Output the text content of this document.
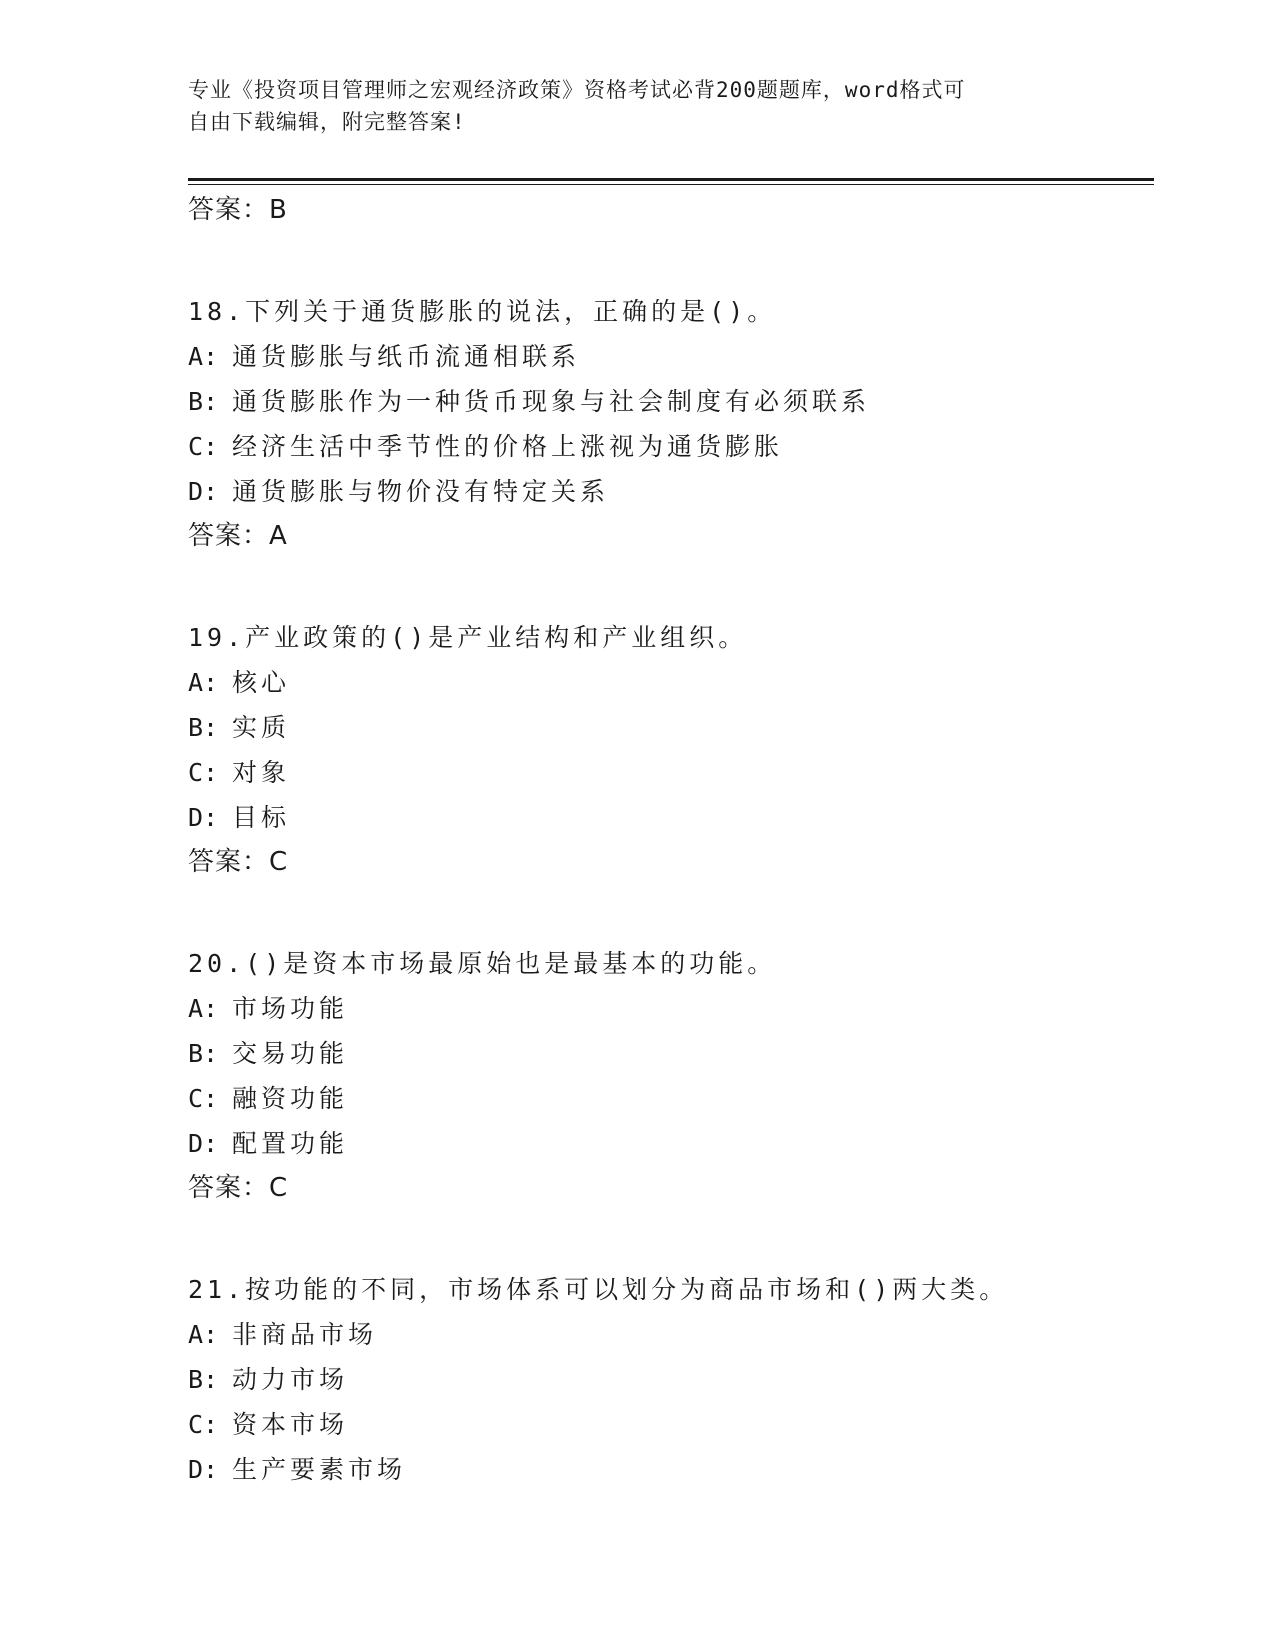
专业《投资项目管理师之宏观经济政策》资格考试必背200题题库，word格式可
自由下载编辑，附完整答案!
答案：B
18.下列关于通货膨胀的说法，正确的是()。
A: 通货膨胀与纸币流通相联系
B: 通货膨胀作为一种货币现象与社会制度有必须联系
C: 经济生活中季节性的价格上涨视为通货膨胀
D: 通货膨胀与物价没有特定关系
答案：A
19.产业政策的()是产业结构和产业组织。
A: 核心
B: 实质
C: 对象
D: 目标
答案：C
20.()是资本市场最原始也是最基本的功能。
A: 市场功能
B: 交易功能
C: 融资功能
D: 配置功能
答案：C
21.按功能的不同，市场体系可以划分为商品市场和()两大类。
A: 非商品市场
B: 动力市场
C: 资本市场
D: 生产要素市场
